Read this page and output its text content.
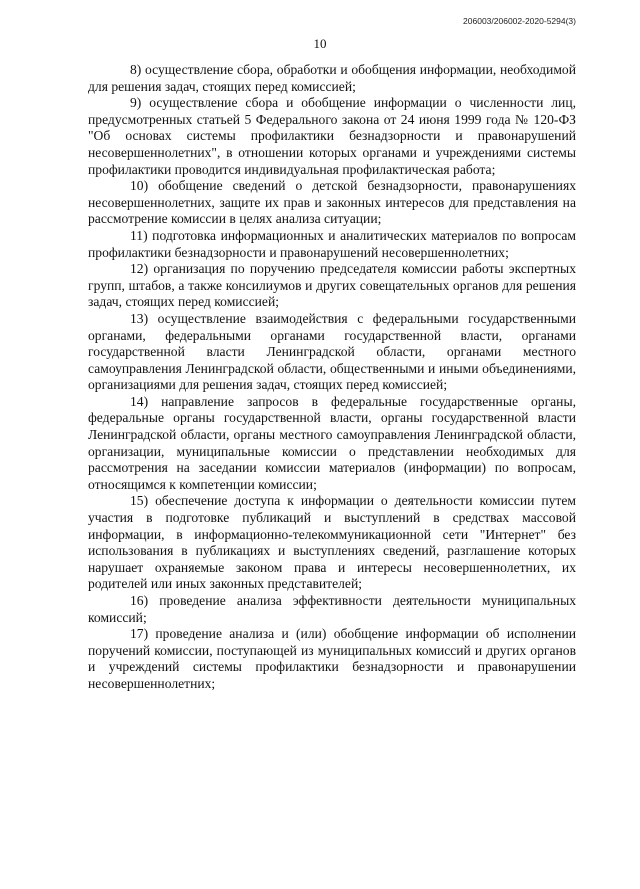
206003/206002-2020-5294(3)
10

8) осуществление сбора, обработки и обобщения информации, необходимой для решения задач, стоящих перед комиссией;

9) осуществление сбора и обобщение информации о численности лиц, предусмотренных статьей 5 Федерального закона от 24 июня 1999 года № 120-ФЗ "Об основах системы профилактики безнадзорности и правонарушений несовершеннолетних", в отношении которых органами и учреждениями системы профилактики проводится индивидуальная профилактическая работа;

10) обобщение сведений о детской безнадзорности, правонарушениях несовершеннолетних, защите их прав и законных интересов для представления на рассмотрение комиссии в целях анализа ситуации;

11) подготовка информационных и аналитических материалов по вопросам профилактики безнадзорности и правонарушений несовершеннолетних;

12) организация по поручению председателя комиссии работы экспертных групп, штабов, а также консилиумов и других совещательных органов для решения задач, стоящих перед комиссией;

13) осуществление взаимодействия с федеральными государственными органами, федеральными органами государственной власти, органами государственной власти Ленинградской области, органами местного самоуправления Ленинградской области, общественными и иными объединениями, организациями для решения задач, стоящих перед комиссией;

14) направление запросов в федеральные государственные органы, федеральные органы государственной власти, органы государственной власти Ленинградской области, органы местного самоуправления Ленинградской области, организации, муниципальные комиссии о представлении необходимых для рассмотрения на заседании комиссии материалов (информации) по вопросам, относящимся к компетенции комиссии;

15) обеспечение доступа к информации о деятельности комиссии путем участия в подготовке публикаций и выступлений в средствах массовой информации, в информационно-телекоммуникационной сети "Интернет" без использования в публикациях и выступлениях сведений, разглашение которых нарушает охраняемые законом права и интересы несовершеннолетних, их родителей или иных законных представителей;

16) проведение анализа эффективности деятельности муниципальных комиссий;

17) проведение анализа и (или) обобщение информации об исполнении поручений комиссии, поступающей из муниципальных комиссий и других органов и учреждений системы профилактики безнадзорности и правонарушении несовершеннолетних;
